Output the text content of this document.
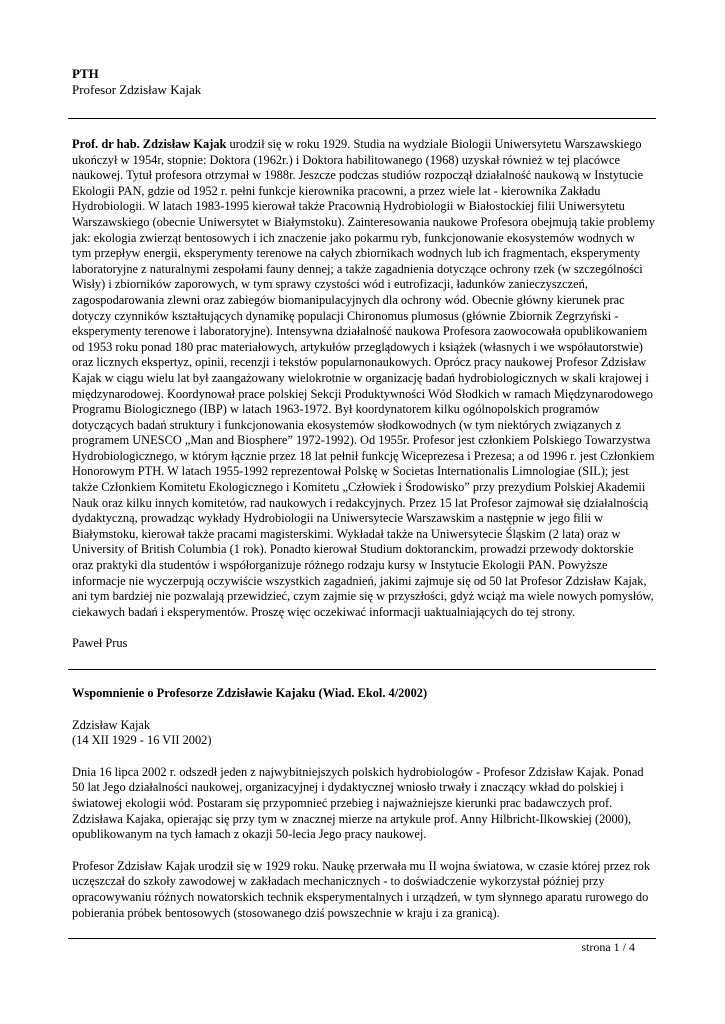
PTH
Profesor Zdzisław Kajak

Prof. dr hab. Zdzisław Kajak urodził się w roku 1929. Studia na wydziale Biologii Uniwersytetu Warszawskiego ukończył w 1954r, stopnie: Doktora (1962r.) i Doktora habilitowanego (1968) uzyskał również w tej placówce naukowej. Tytuł profesora otrzymał w 1988r. Jeszcze podczas studiów rozpoczął działalność naukową w Instytucie Ekologii PAN, gdzie od 1952 r. pełni funkcje kierownika pracowni, a przez wiele lat - kierownika Zakładu Hydrobiologii. W latach 1983-1995 kierował także Pracownią Hydrobiologii w Białostockiej filii Uniwersytetu Warszawskiego (obecnie Uniwersytet w Białymstoku). Zainteresowania naukowe Profesora obejmują takie problemy jak: ekologia zwierząt bentosowych i ich znaczenie jako pokarmu ryb, funkcjonowanie ekosystemów wodnych w tym przepływ energii, eksperymenty terenowe na całych zbiornikach wodnych lub ich fragmentach, eksperymenty laboratoryjne z naturalnymi zespołami fauny dennej; a także zagadnienia dotyczące ochrony rzek (w szczególności Wisły) i zbiorników zaporowych, w tym sprawy czystości wód i eutrofizacji, ładunków zanieczyszczeń, zagospodarowania zlewni oraz zabiegów biomanipulacyjnych dla ochrony wód. Obecnie główny kierunek prac dotyczy czynników kształtujących dynamikę populacji Chironomus plumosus (głównie Zbiornik Zegrzyński - eksperymenty terenowe i laboratoryjne). Intensywna działalność naukowa Profesora zaowocowała opublikowaniem od 1953 roku ponad 180 prac materiałowych, artykułów przeglądowych i książek (własnych i we współautorstwie) oraz licznych ekspertyz, opinii, recenzji i tekstów popularnonaukowych. Oprócz pracy naukowej Profesor Zdzisław Kajak w ciągu wielu lat był zaangażowany wielokrotnie w organizację badań hydrobiologicznych w skali krajowej i międzynarodowej. Koordynował prace polskiej Sekcji Produktywności Wód Słodkich w ramach Międzynarodowego Programu Biologicznego (IBP) w latach 1963-1972. Był koordynatorem kilku ogólnopolskich programów dotyczących badań struktury i funkcjonowania ekosystemów słodkowodnych (w tym niektórych związanych z programem UNESCO „Man and Biosphere” 1972-1992). Od 1955r. Profesor jest członkiem Polskiego Towarzystwa Hydrobiologicznego, w którym łącznie przez 18 lat pełnił funkcję Wiceprezesa i Prezesa; a od 1996 r. jest Członkiem Honorowym PTH. W latach 1955-1992 reprezentował Polskę w Societas Internationalis Limnologiae (SIL); jest także Członkiem Komitetu Ekologicznego i Komitetu „Człowiek i Środowisko” przy prezydium Polskiej Akademii Nauk oraz kilku innych komitetów, rad naukowych i redakcyjnych. Przez 15 lat Profesor zajmował się działalnością dydaktyczną, prowadząc wykłady Hydrobiologii na Uniwersytecie Warszawskim a następnie w jego filii w Białymstoku, kierował także pracami magisterskimi. Wykładał także na Uniwersytecie Śląskim (2 lata) oraz w University of British Columbia (1 rok). Ponadto kierował Studium doktoranckim, prowadzi przewody doktorskie oraz praktyki dla studentów i współorganizuje różnego rodzaju kursy w Instytucie Ekologii PAN. Powyższe informacje nie wyczerpują oczywiście wszystkich zagadnień, jakimi zajmuje się od 50 lat Profesor Zdzisław Kajak, ani tym bardziej nie pozwalają przewidzieć, czym zajmie się w przyszłości, gdyż wciąż ma wiele nowych pomysłów, ciekawych badań i eksperymentów. Proszę więc oczekiwać informacji uaktualniających do tej strony.

Paweł Prus

Wspomnienie o Profesorze Zdzisławie Kajaku (Wiad. Ekol. 4/2002)

Zdzisław Kajak

(14 XII 1929 - 16 VII 2002)

Dnia 16 lipca 2002 r. odszedł jeden z najwybitniejszych polskich hydrobiologów - Profesor Zdzisław Kajak. Ponad 50 lat Jego działalności naukowej, organizacyjnej i dydaktycznej wniosło trwały i znaczący wkład do polskiej i światowej ekologii wód. Postaram się przypomnieć przebieg i najważniejsze kierunki prac badawczych prof. Zdzisława Kajaka, opierając się przy tym w znacznej mierze na artykule prof. Anny Hilbricht-Ilkowskiej (2000), opublikowanym na tych łamach z okazji 50-lecia Jego pracy naukowej.

Profesor Zdzisław Kajak urodził się w 1929 roku. Naukę przerwała mu II wojna światowa, w czasie której przez rok uczęszczał do szkoły zawodowej w zakładach mechanicznych - to doświadczenie wykorzystał później przy opracowywaniu różnych nowatorskich technik eksperymentalnych i urządzeń, w tym słynnego aparatu rurowego do pobierania próbek bentosowych (stosowanego dziś powszechnie w kraju i za granicą).

strona 1 / 4
